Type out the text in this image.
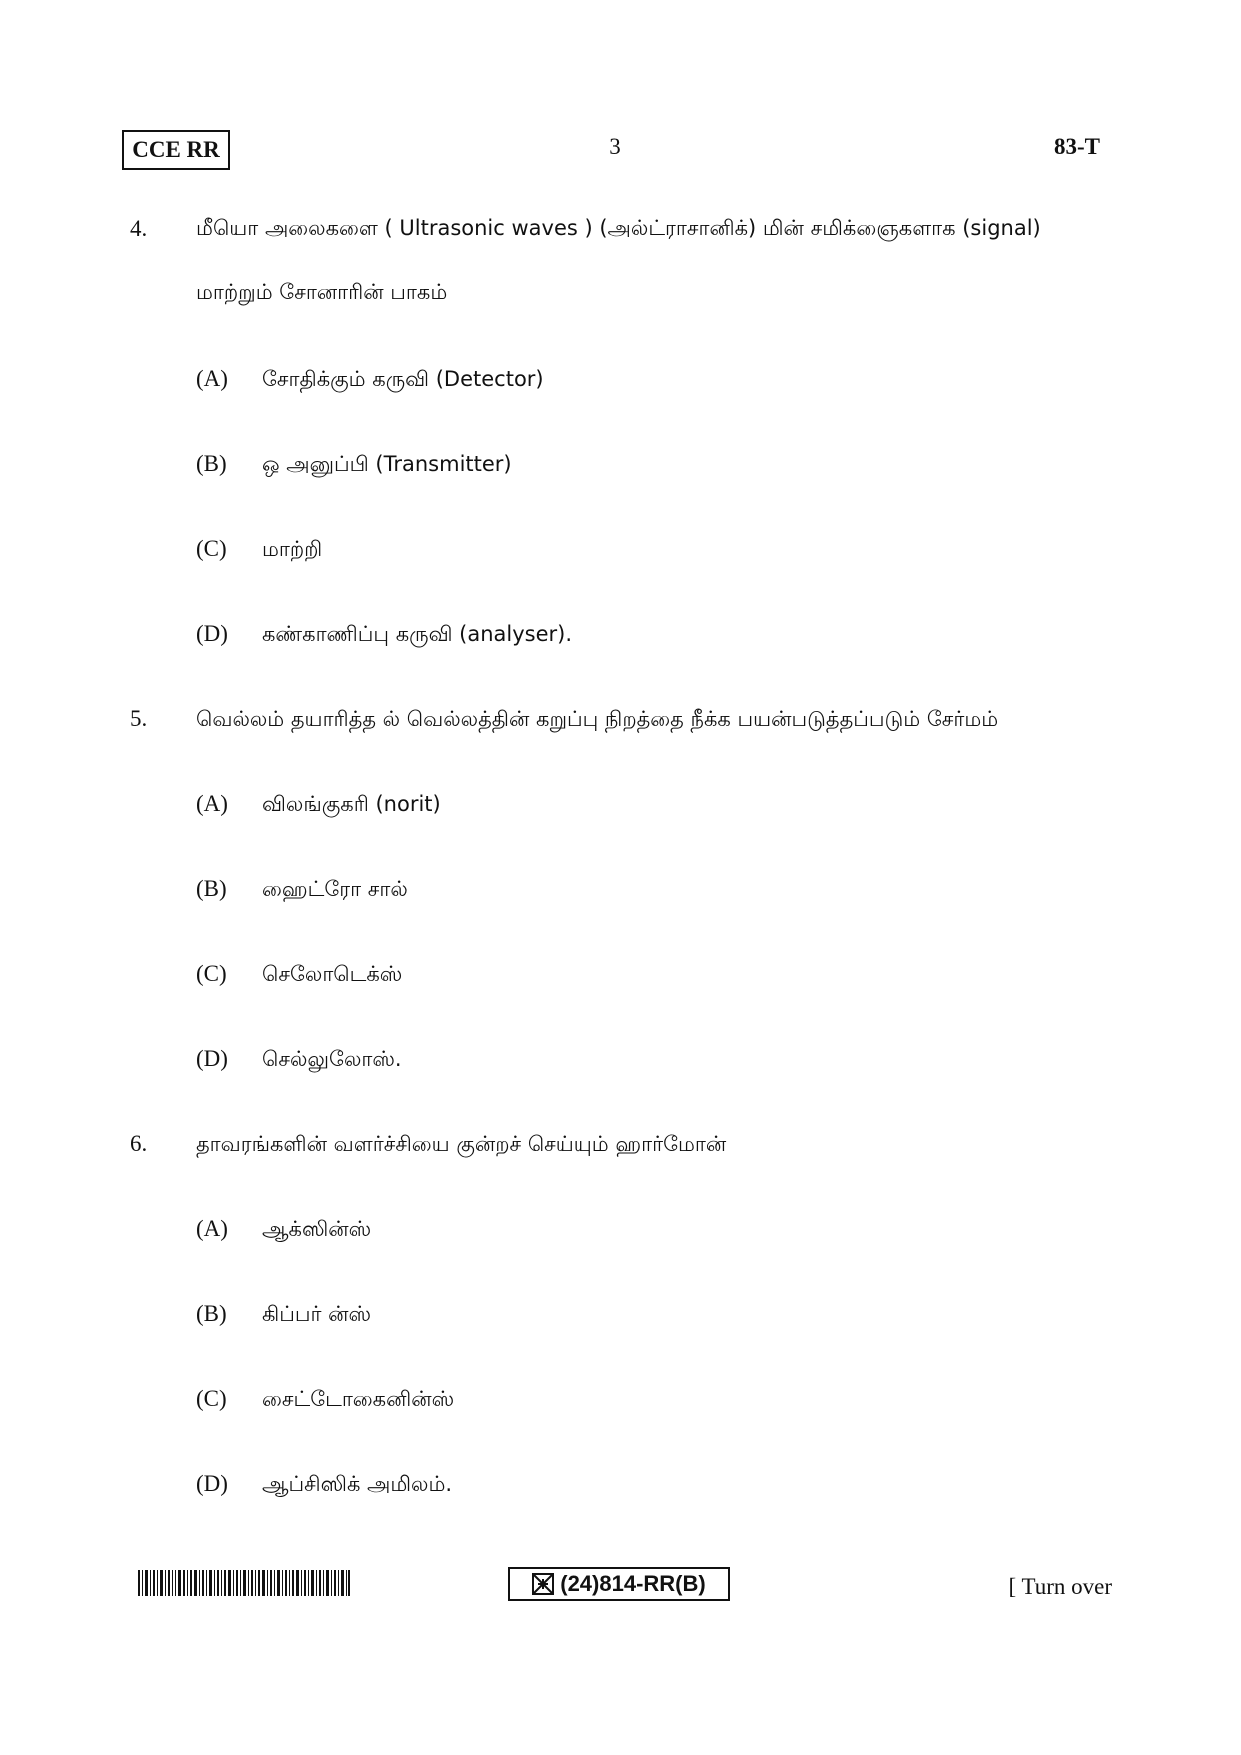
CCE RR	3	83-T
4. மீயொ அலைகளை ( Ultrasonic waves ) (அல்ட்ராசானிக்) மின் சமிக்ஞைகளாக (signal)
மாற்றும் சோனாரின் பாகம்
(A) சோதிக்கும் கருவி (Detector)
(B) ஒ அனுப்பி (Transmitter)
(C) மாற்றி
(D) கண்காணிப்பு கருவி (analyser).
5. வெல்லம் தயாரித்த ல் வெல்லத்தின் கறுப்பு நிறத்தை நீக்க பயன்படுத்தப்படும் சேர்மம்
(A) விலங்குகரி (norit)
(B) ஹைட்ரோ சால்
(C) செலோடெக்ஸ்
(D) செல்லுலோஸ்.
6. தாவரங்களின் வளர்ச்சியை குன்றச் செய்யும் ஹார்மோன்
(A) ஆக்ஸின்ஸ்
(B) கிப்பர் ன்ஸ்
(C) சைட்டோகைனின்ஸ்
(D) ஆப்சிஸிக் அமிலம்.
(24)814-RR(B)	[ Turn over
